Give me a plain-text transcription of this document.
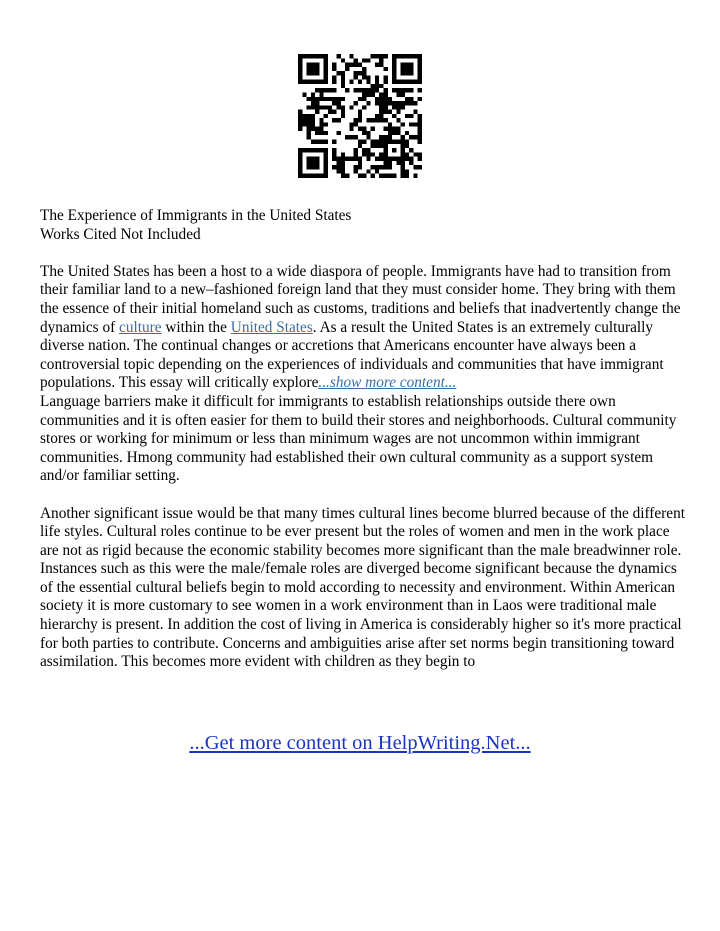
The Experience of Immigrants in the United States
Works Cited Not Included

The United States has been a host to a wide diaspora of people. Immigrants have had to transition from their familiar land to a new–fashioned foreign land that they must consider home. They bring with them the essence of their initial homeland such as customs, traditions and beliefs that inadvertently change the dynamics of culture within the United States. As a result the United States is an extremely culturally diverse nation. The continual changes or accretions that Americans encounter have always been a controversial topic depending on the experiences of individuals and communities that have immigrant populations. This essay will critically explore...show more content...

Language barriers make it difficult for immigrants to establish relationships outside there own communities and it is often easier for them to build their stores and neighborhoods. Cultural community stores or working for minimum or less than minimum wages are not uncommon within immigrant communities. Hmong community had established their own cultural community as a support system and/or familiar setting.

Another significant issue would be that many times cultural lines become blurred because of the different life styles. Cultural roles continue to be ever present but the roles of women and men in the work place are not as rigid because the economic stability becomes more significant than the male breadwinner role. Instances such as this were the male/female roles are diverged become significant because the dynamics of the essential cultural beliefs begin to mold according to necessity and environment. Within American society it is more customary to see women in a work environment than in Laos were traditional male hierarchy is present. In addition the cost of living in America is considerably higher so it's more practical for both parties to contribute. Concerns and ambiguities arise after set norms begin transitioning toward assimilation. This becomes more evident with children as they begin to

...Get more content on HelpWriting.Net...
